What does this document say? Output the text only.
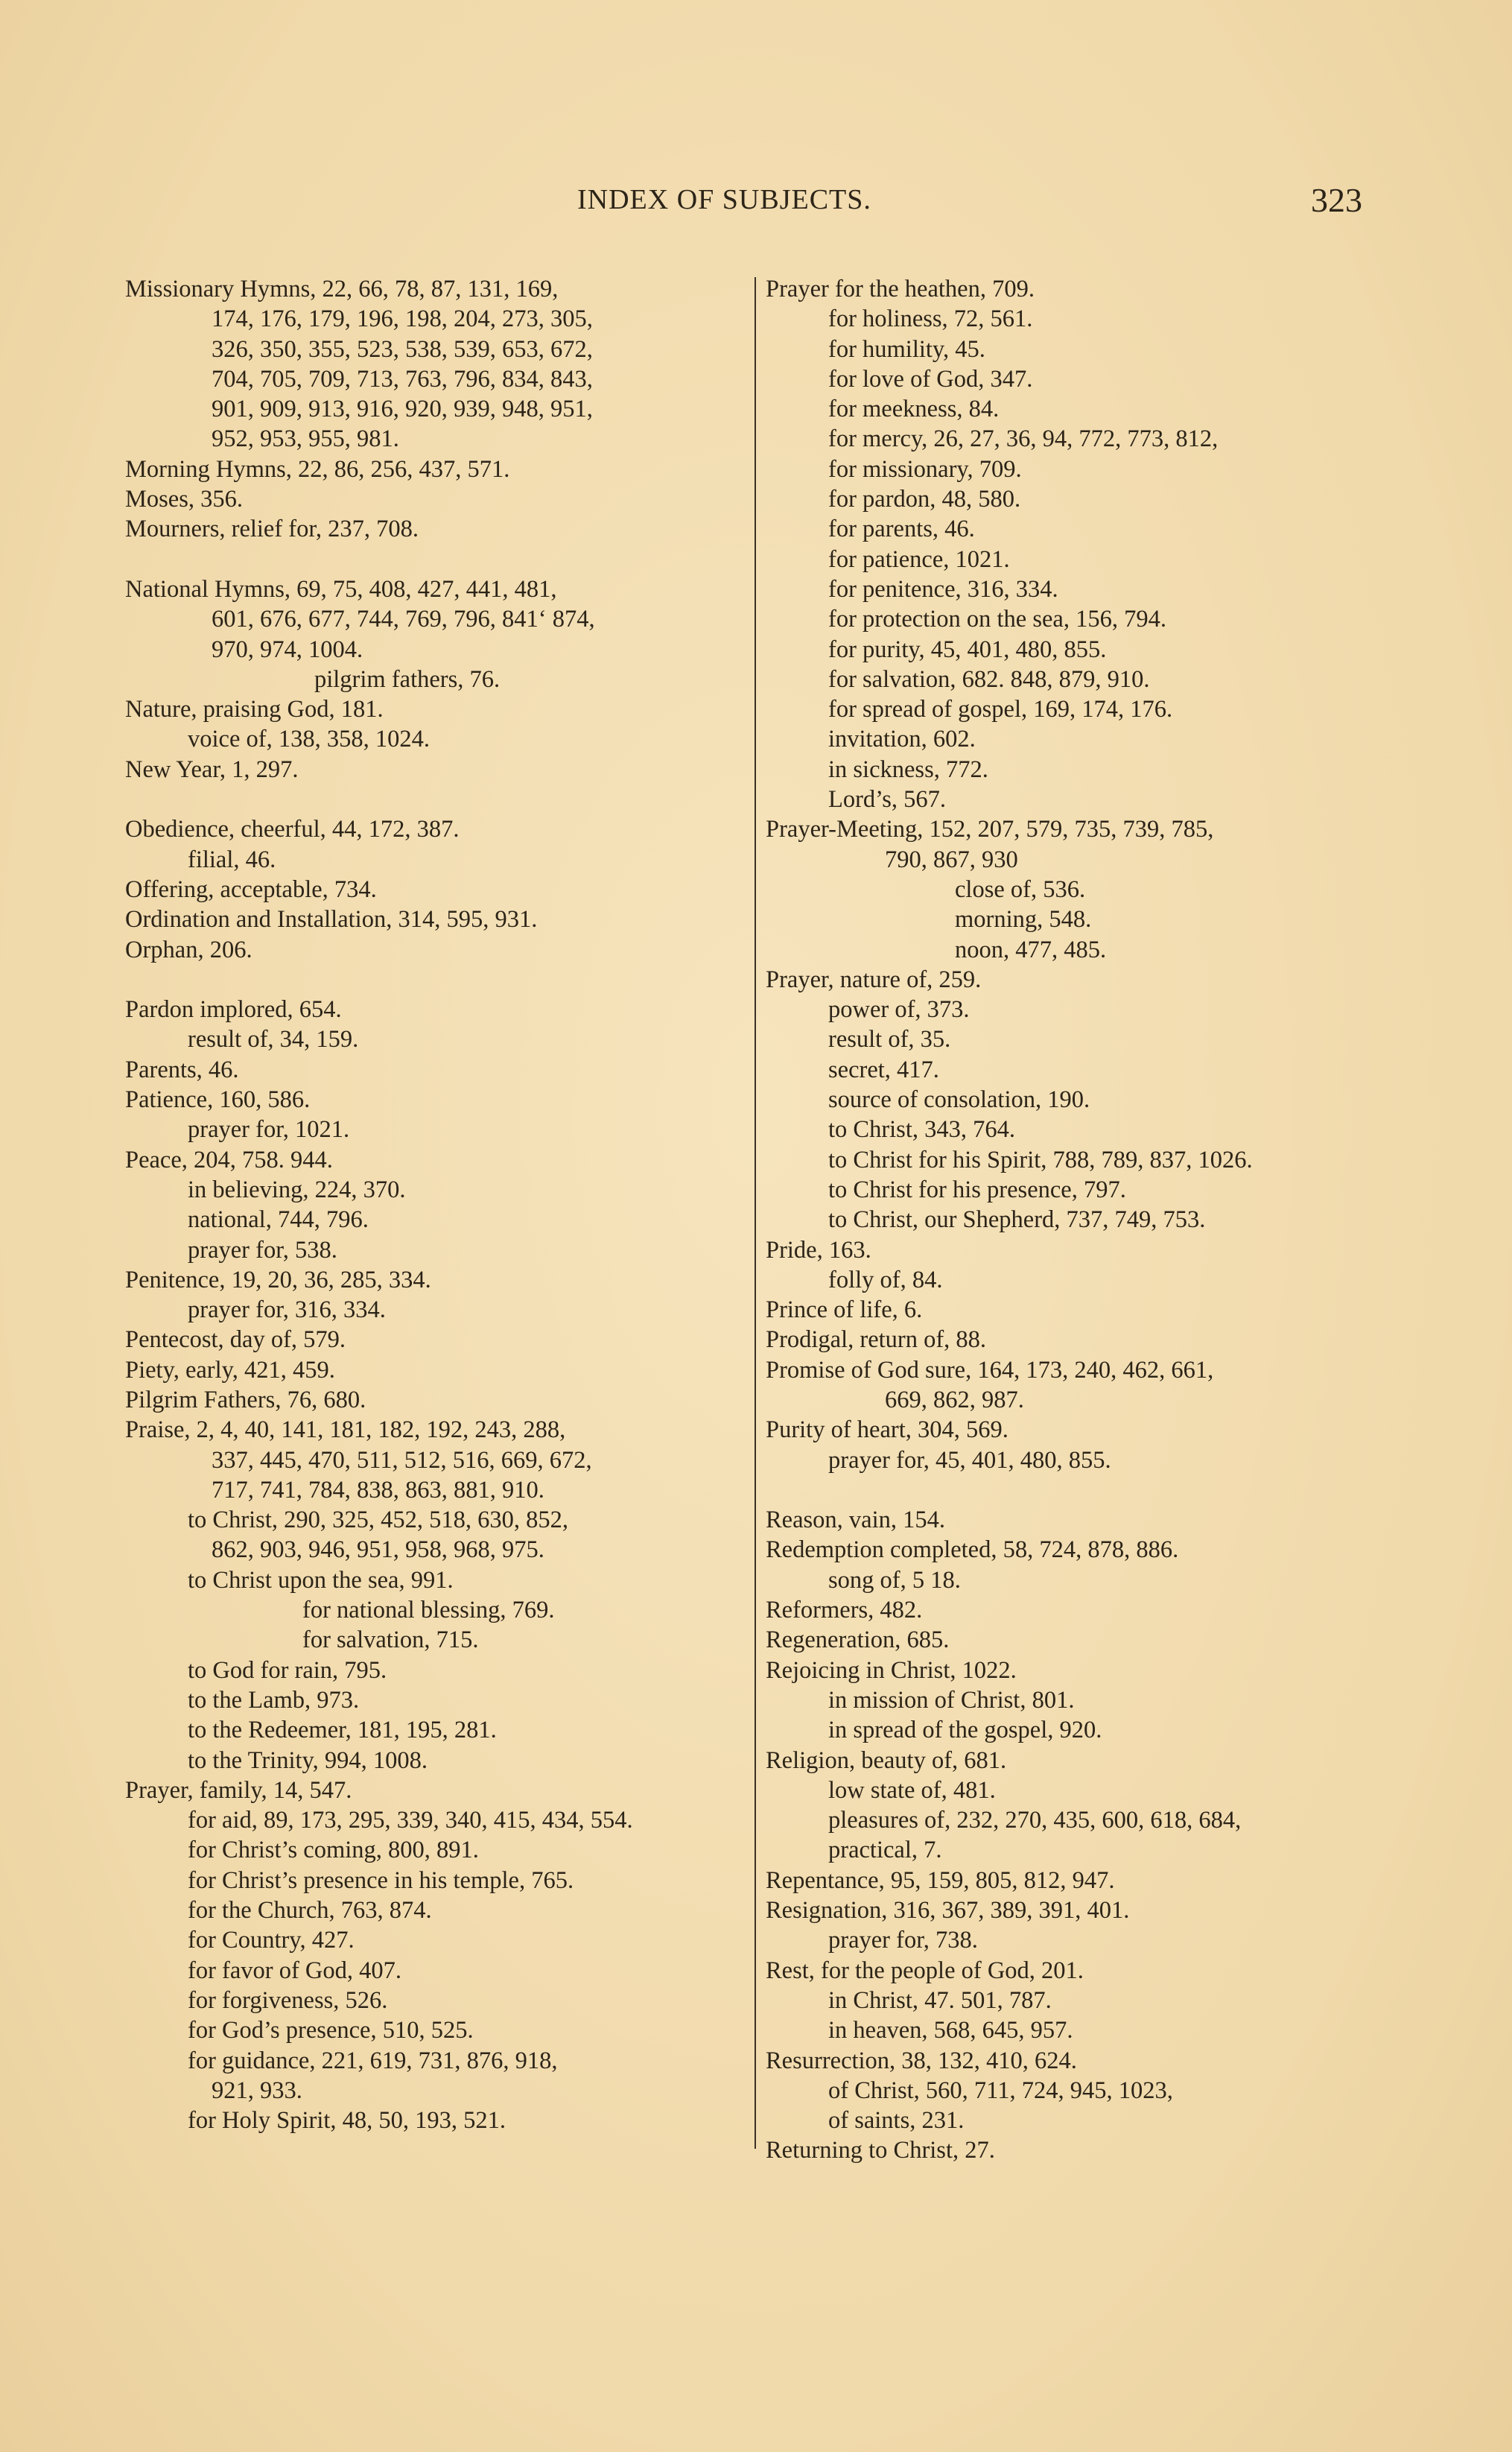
INDEX OF SUBJECTS.	323
Missionary Hymns, 22, 66, 78, 87, 131, 169,
174, 176, 179, 196, 198, 204, 273, 305,
326, 350, 355, 523, 538, 539, 653, 672,
704, 705, 709, 713, 763, 796, 834, 843,
901, 909, 913, 916, 920, 939, 948, 951,
952, 953, 955, 981.
Morning Hymns, 22, 86, 256, 437, 571.
Moses, 356.
Mourners, relief for, 237, 708.
National Hymns, 69, 75, 408, 427, 441, 481,
601, 676, 677, 744, 769, 796, 841‘ 874,
970, 974, 1004.
pilgrim fathers, 76.
Nature, praising God, 181.
voice of, 138, 358, 1024.
New Year, 1, 297.
Obedience, cheerful, 44, 172, 387.
filial, 46.
Offering, acceptable, 734.
Ordination and Installation, 314, 595, 931.
Orphan, 206.
Pardon implored, 654.
result of, 34, 159.
Parents, 46.
Patience, 160, 586.
prayer for, 1021.
Peace, 204, 758. 944.
in believing, 224, 370.
national, 744, 796.
prayer for, 538.
Penitence, 19, 20, 36, 285, 334.
prayer for, 316, 334.
Pentecost, day of, 579.
Piety, early, 421, 459.
Pilgrim Fathers, 76, 680.
Praise, 2, 4, 40, 141, 181, 182, 192, 243, 288,
337, 445, 470, 511, 512, 516, 669, 672,
717, 741, 784, 838, 863, 881, 910.
to Christ, 290, 325, 452, 518, 630, 852,
862, 903, 946, 951, 958, 968, 975.
to Christ upon the sea, 991.
for national blessing, 769.
for salvation, 715.
to God for rain, 795.
to the Lamb, 973.
to the Redeemer, 181, 195, 281.
to the Trinity, 994, 1008.
Prayer, family, 14, 547.
for aid, 89, 173, 295, 339, 340, 415, 434, 554.
for Christ’s coming, 800, 891.
for Christ’s presence in his temple, 765.
for the Church, 763, 874.
for Country, 427.
for favor of God, 407.
for forgiveness, 526.
for God’s presence, 510, 525.
for guidance, 221, 619, 731, 876, 918,
921, 933.
for Holy Spirit, 48, 50, 193, 521.
Prayer for the heathen, 709.
for holiness, 72, 561.
for humility, 45.
for love of God, 347.
for meekness, 84.
for mercy, 26, 27, 36, 94, 772, 773, 812,
for missionary, 709.
for pardon, 48, 580.
for parents, 46.
for patience, 1021.
for penitence, 316, 334.
for protection on the sea, 156, 794.
for purity, 45, 401, 480, 855.
for salvation, 682. 848, 879, 910.
for spread of gospel, 169, 174, 176.
invitation, 602.
in sickness, 772.
Lord’s, 567.
Prayer-Meeting, 152, 207, 579, 735, 739, 785,
790, 867, 930
close of, 536.
morning, 548.
noon, 477, 485.
Prayer, nature of, 259.
power of, 373.
result of, 35.
secret, 417.
source of consolation, 190.
to Christ, 343, 764.
to Christ for his Spirit, 788, 789, 837, 1026.
to Christ for his presence, 797.
to Christ, our Shepherd, 737, 749, 753.
Pride, 163.
folly of, 84.
Prince of life, 6.
Prodigal, return of, 88.
Promise of God sure, 164, 173, 240, 462, 661,
669, 862, 987.
Purity of heart, 304, 569.
prayer for, 45, 401, 480, 855.
Reason, vain, 154.
Redemption completed, 58, 724, 878, 886.
song of, 5 18.
Reformers, 482.
Regeneration, 685.
Rejoicing in Christ, 1022.
in mission of Christ, 801.
in spread of the gospel, 920.
Religion, beauty of, 681.
low state of, 481.
pleasures of, 232, 270, 435, 600, 618, 684,
practical, 7.
Repentance, 95, 159, 805, 812, 947.
Resignation, 316, 367, 389, 391, 401.
prayer for, 738.
Rest, for the people of God, 201.
in Christ, 47. 501, 787.
in heaven, 568, 645, 957.
Resurrection, 38, 132, 410, 624.
of Christ, 560, 711, 724, 945, 1023,
of saints, 231.
Returning to Christ, 27.
